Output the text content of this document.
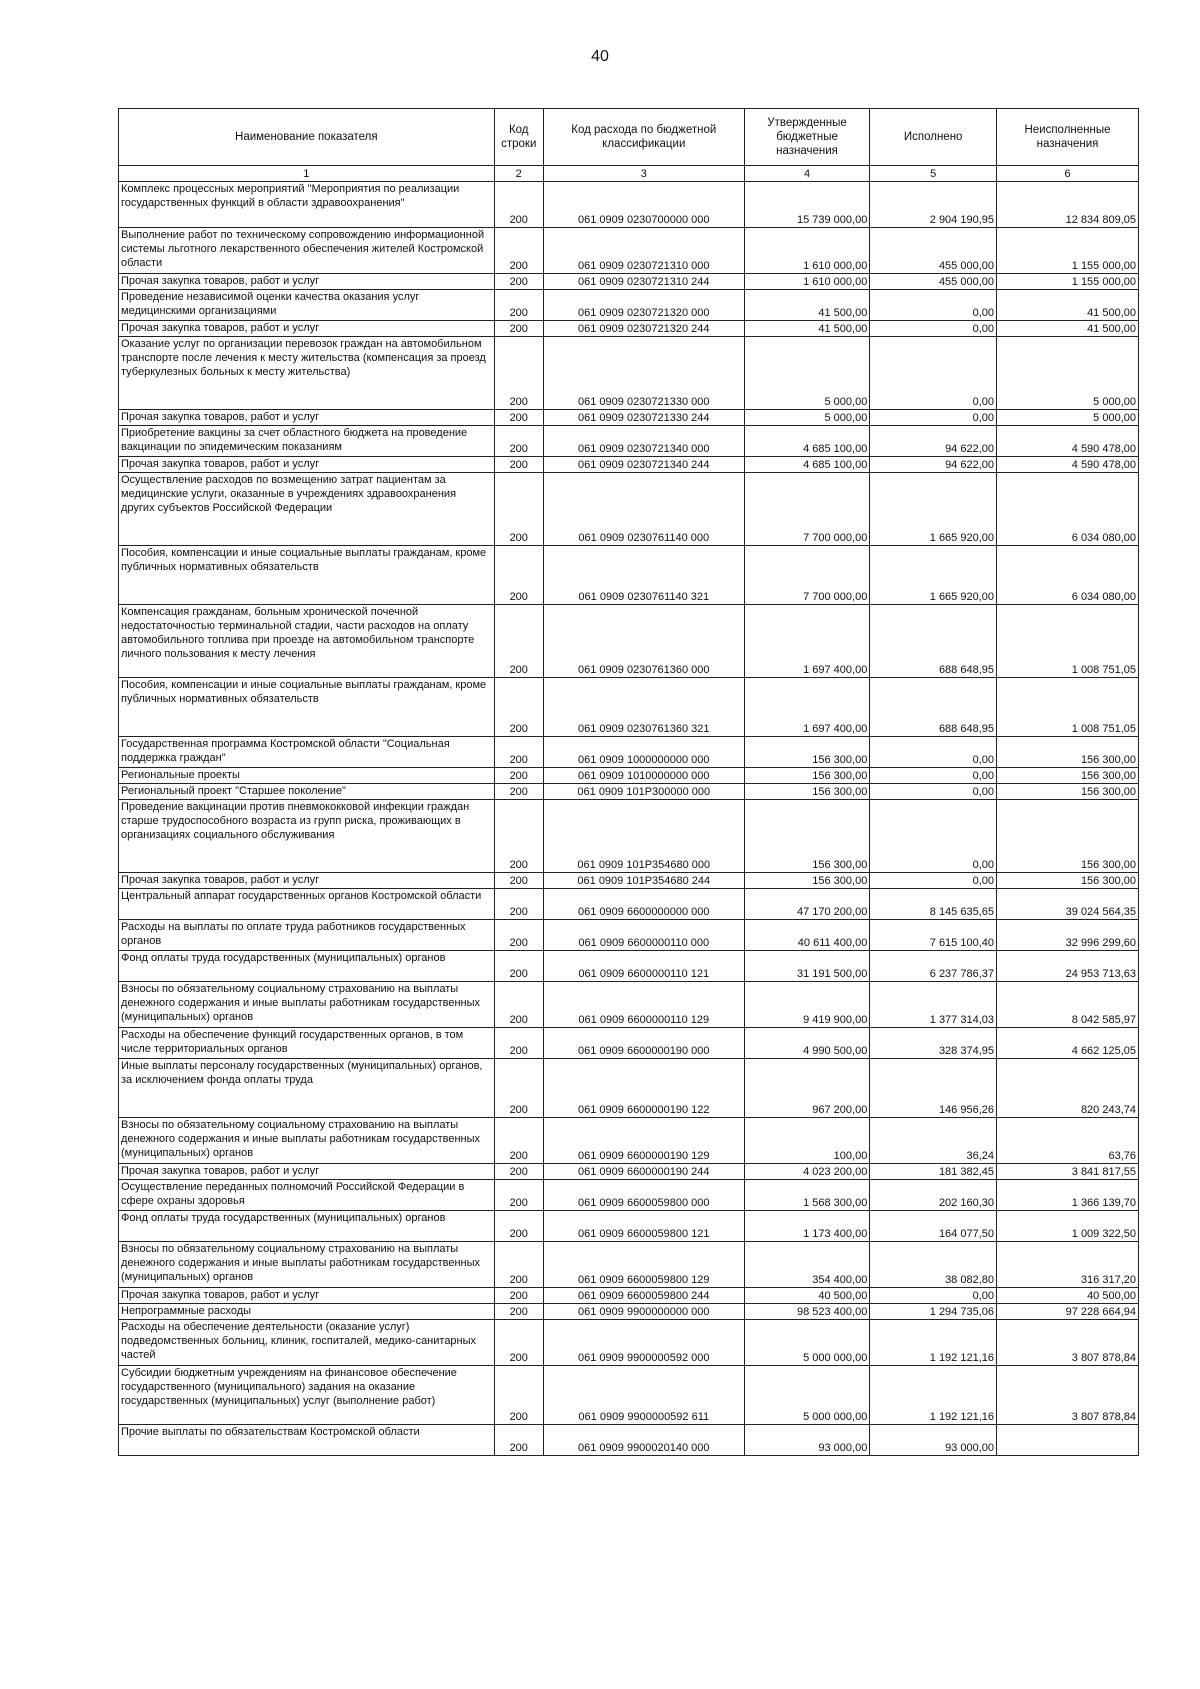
40
Наименование показателя	Код строки	Код расхода по бюджетной классификации	Утвержденные бюджетные назначения	Исполнено	Неисполненные назначения
1	2	3	4	5	6
Комплекс процессных мероприятий "Мероприятия по реализации государственных функций в области здравоохранения"	200	061 0909 0230700000 000	15 739 000,00	2 904 190,95	12 834 809,05
Выполнение работ по техническому сопровождению информационной системы льготного лекарственного обеспечения жителей Костромской области	200	061 0909 0230721310 000	1 610 000,00	455 000,00	1 155 000,00
Прочая закупка товаров, работ и услуг	200	061 0909 0230721310 244	1 610 000,00	455 000,00	1 155 000,00
Проведение независимой оценки качества оказания услуг медицинскими организациями	200	061 0909 0230721320 000	41 500,00	0,00	41 500,00
Прочая закупка товаров, работ и услуг	200	061 0909 0230721320 244	41 500,00	0,00	41 500,00
Оказание услуг по организации перевозок граждан на автомобильном транспорте после лечения к месту жительства (компенсация за проезд туберкулезных больных к месту жительства)	200	061 0909 0230721330 000	5 000,00	0,00	5 000,00
Прочая закупка товаров, работ и услуг	200	061 0909 0230721330 244	5 000,00	0,00	5 000,00
Приобретение вакцины за счет областного бюджета на проведение вакцинации по эпидемическим показаниям	200	061 0909 0230721340 000	4 685 100,00	94 622,00	4 590 478,00
Прочая закупка товаров, работ и услуг	200	061 0909 0230721340 244	4 685 100,00	94 622,00	4 590 478,00
Осуществление расходов по возмещению затрат пациентам за медицинские услуги, оказанные в учреждениях здравоохранения других субъектов Российской Федерации	200	061 0909 0230761140 000	7 700 000,00	1 665 920,00	6 034 080,00
Пособия, компенсации и иные социальные выплаты гражданам, кроме публичных нормативных обязательств	200	061 0909 0230761140 321	7 700 000,00	1 665 920,00	6 034 080,00
Компенсация гражданам, больным хронической почечной недостаточностью терминальной стадии, части расходов на оплату автомобильного топлива при проезде на автомобильном транспорте личного пользования к месту лечения	200	061 0909 0230761360 000	1 697 400,00	688 648,95	1 008 751,05
Пособия, компенсации и иные социальные выплаты гражданам, кроме публичных нормативных обязательств	200	061 0909 0230761360 321	1 697 400,00	688 648,95	1 008 751,05
Государственная программа Костромской области "Социальная поддержка граждан"	200	061 0909 1000000000 000	156 300,00	0,00	156 300,00
Региональные проекты	200	061 0909 1010000000 000	156 300,00	0,00	156 300,00
Региональный проект "Старшее поколение"	200	061 0909 101P300000 000	156 300,00	0,00	156 300,00
Проведение вакцинации против пневмококковой инфекции граждан старше трудоспособного возраста из групп риска, проживающих в организациях социального обслуживания	200	061 0909 101P354680 000	156 300,00	0,00	156 300,00
Прочая закупка товаров, работ и услуг	200	061 0909 101P354680 244	156 300,00	0,00	156 300,00
Центральный аппарат государственных органов Костромской области	200	061 0909 6600000000 000	47 170 200,00	8 145 635,65	39 024 564,35
Расходы на выплаты по оплате труда работников государственных органов	200	061 0909 6600000110 000	40 611 400,00	7 615 100,40	32 996 299,60
Фонд оплаты труда государственных (муниципальных) органов	200	061 0909 6600000110 121	31 191 500,00	6 237 786,37	24 953 713,63
Взносы по обязательному социальному страхованию на выплаты денежного содержания и иные выплаты работникам государственных (муниципальных) органов	200	061 0909 6600000110 129	9 419 900,00	1 377 314,03	8 042 585,97
Расходы на обеспечение функций государственных органов, в том числе территориальных органов	200	061 0909 6600000190 000	4 990 500,00	328 374,95	4 662 125,05
Иные выплаты персоналу государственных (муниципальных) органов, за исключением фонда оплаты труда	200	061 0909 6600000190 122	967 200,00	146 956,26	820 243,74
Взносы по обязательному социальному страхованию на выплаты денежного содержания и иные выплаты работникам государственных (муниципальных) органов	200	061 0909 6600000190 129	100,00	36,24	63,76
Прочая закупка товаров, работ и услуг	200	061 0909 6600000190 244	4 023 200,00	181 382,45	3 841 817,55
Осуществление переданных полномочий Российской Федерации в сфере охраны здоровья	200	061 0909 6600059800 000	1 568 300,00	202 160,30	1 366 139,70
Фонд оплаты труда государственных (муниципальных) органов	200	061 0909 6600059800 121	1 173 400,00	164 077,50	1 009 322,50
Взносы по обязательному социальному страхованию на выплаты денежного содержания и иные выплаты работникам государственных (муниципальных) органов	200	061 0909 6600059800 129	354 400,00	38 082,80	316 317,20
Прочая закупка товаров, работ и услуг	200	061 0909 6600059800 244	40 500,00	0,00	40 500,00
Непрограммные расходы	200	061 0909 9900000000 000	98 523 400,00	1 294 735,06	97 228 664,94
Расходы на обеспечение деятельности (оказание услуг) подведомственных больниц, клиник, госпиталей, медико-санитарных частей	200	061 0909 9900000592 000	5 000 000,00	1 192 121,16	3 807 878,84
Субсидии бюджетным учреждениям на финансовое обеспечение государственного (муниципального) задания на оказание государственных (муниципальных) услуг (выполнение работ)	200	061 0909 9900000592 611	5 000 000,00	1 192 121,16	3 807 878,84
Прочие выплаты по обязательствам Костромской области	200	061 0909 9900020140 000	93 000,00	93 000,00	
